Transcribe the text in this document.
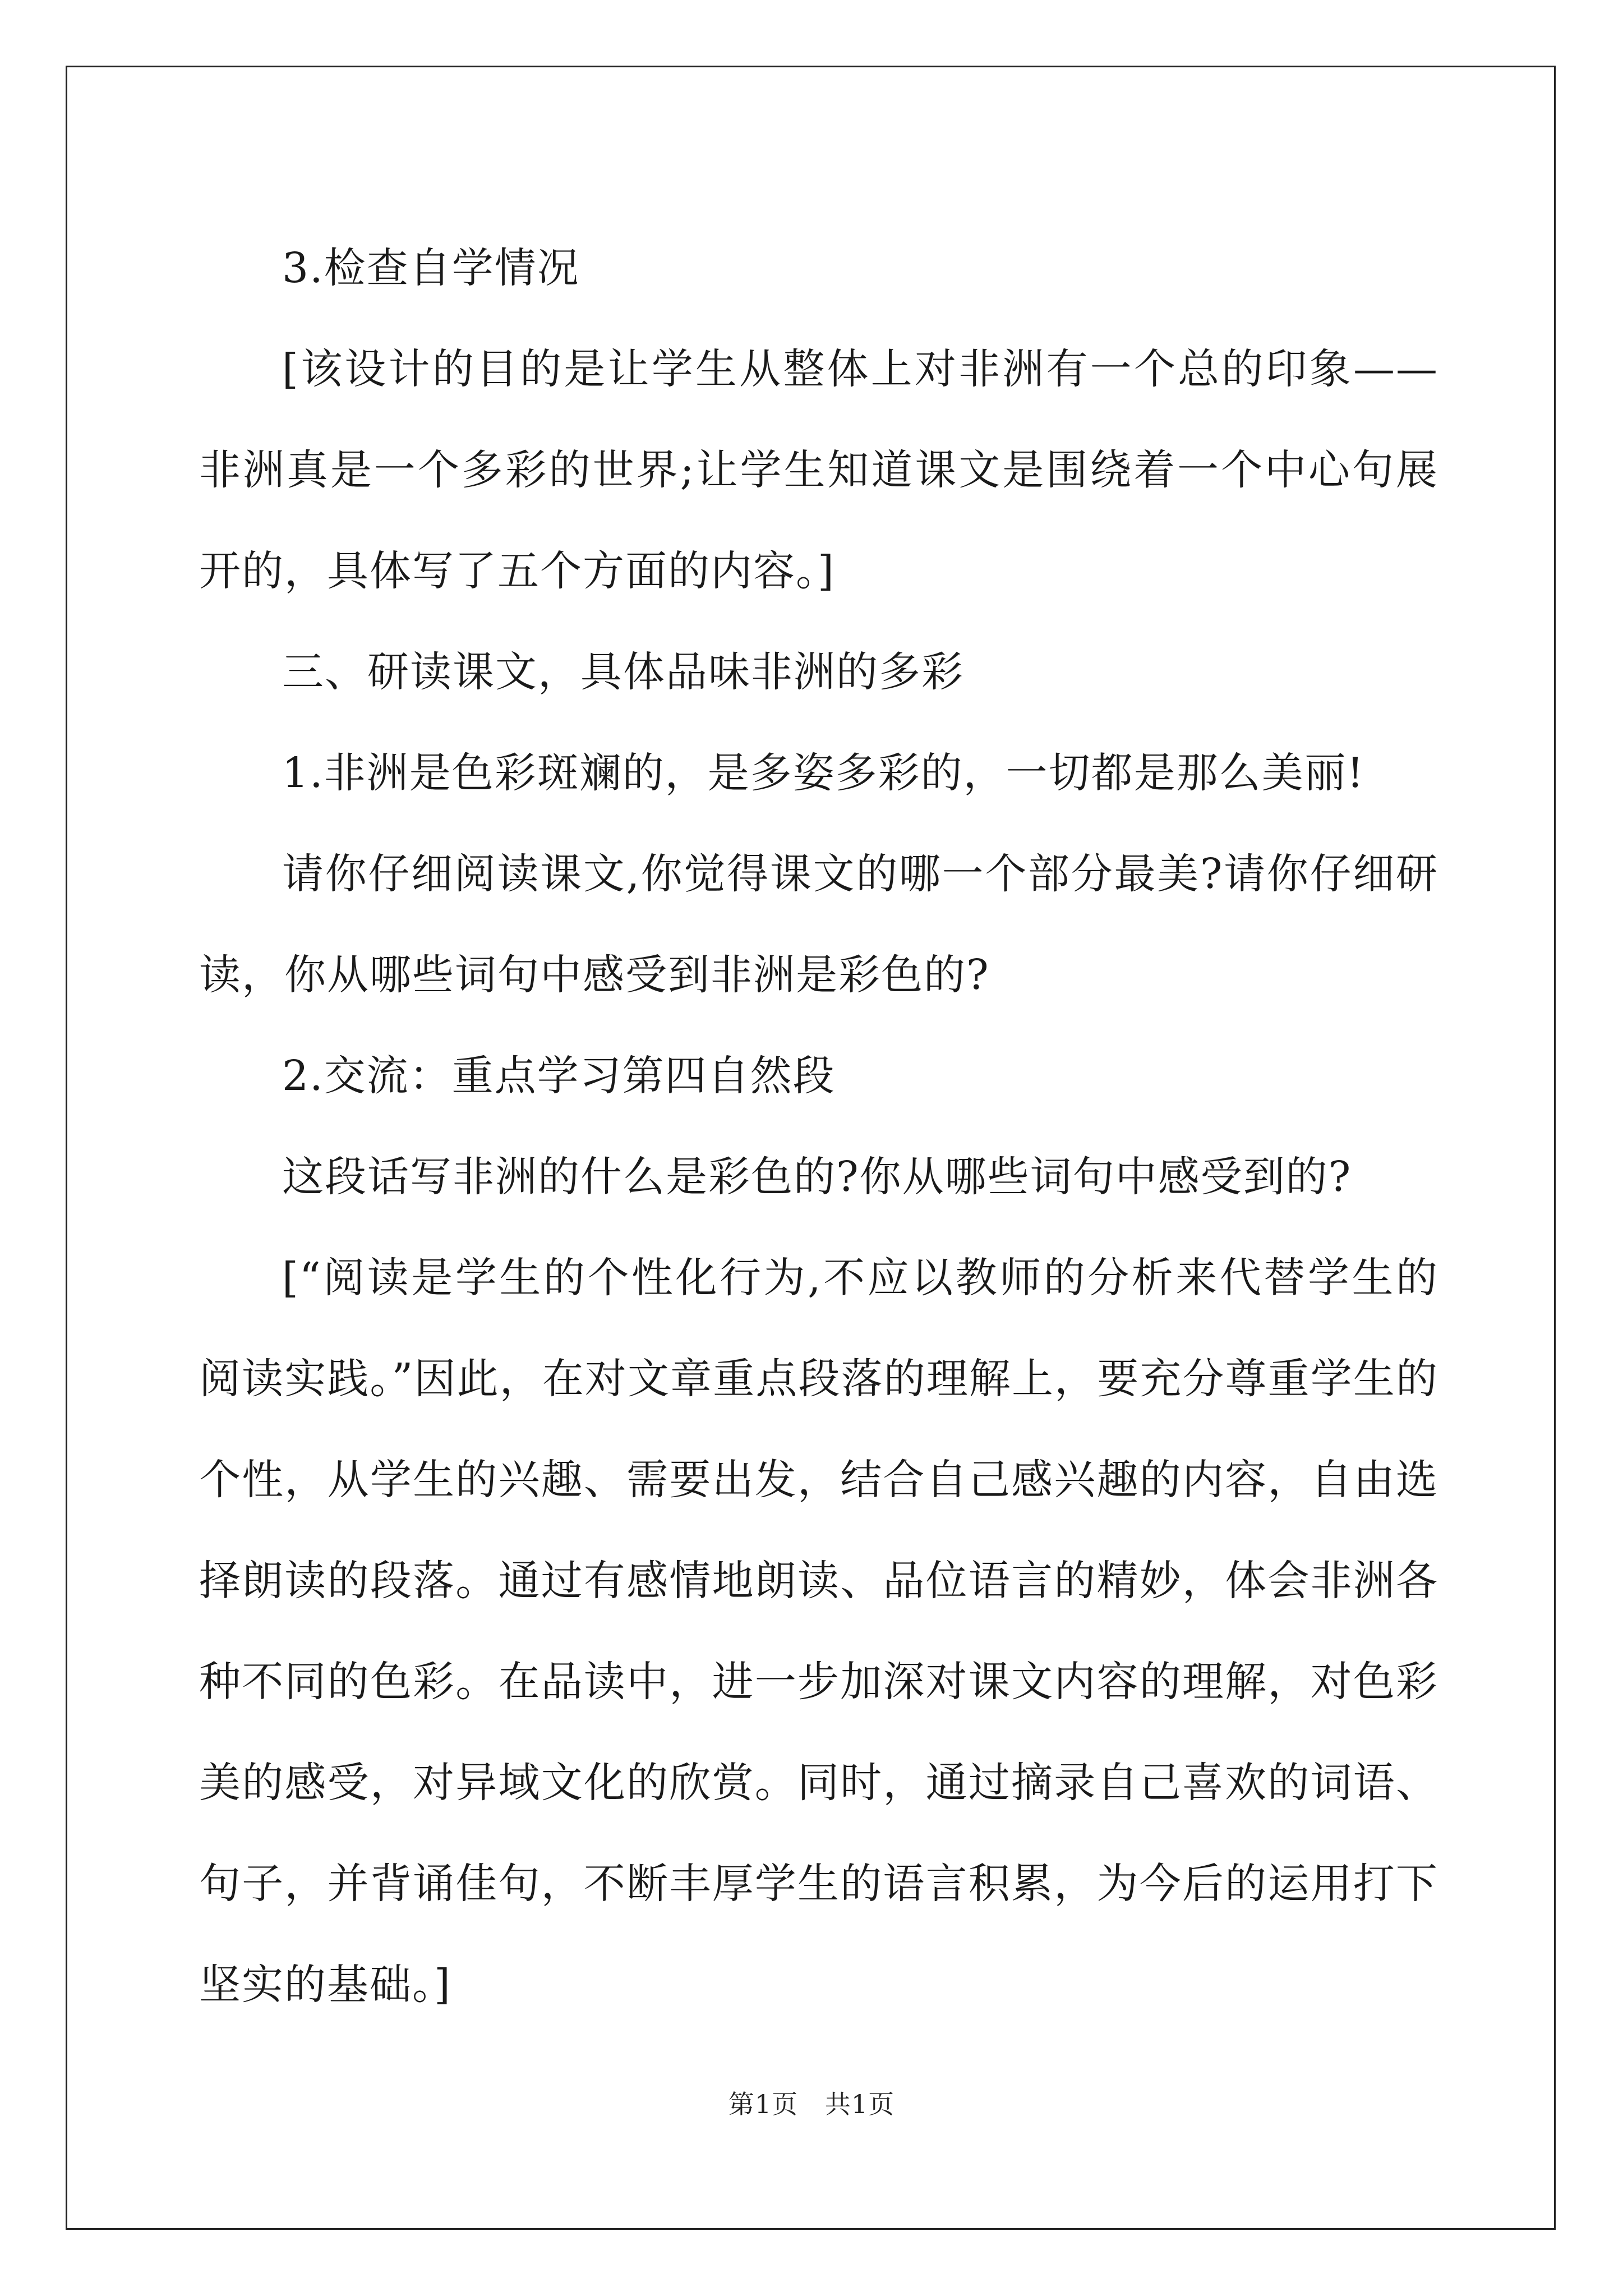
3.检查自学情况

[该设计的目的是让学生从整体上对非洲有一个总的印象——非洲真是一个多彩的世界;让学生知道课文是围绕着一个中心句展开的，具体写了五个方面的内容。]

三、研读课文，具体品味非洲的多彩

1.非洲是色彩斑斓的，是多姿多彩的，一切都是那么美丽!

请你仔细阅读课文,你觉得课文的哪一个部分最美?请你仔细研读，你从哪些词句中感受到非洲是彩色的?

2.交流：重点学习第四自然段

这段话写非洲的什么是彩色的?你从哪些词句中感受到的?

[“阅读是学生的个性化行为,不应以教师的分析来代替学生的阅读实践。”因此，在对文章重点段落的理解上，要充分尊重学生的个性，从学生的兴趣、需要出发，结合自己感兴趣的内容，自由选择朗读的段落。通过有感情地朗读、品位语言的精妙，体会非洲各种不同的色彩。在品读中，进一步加深对课文内容的理解，对色彩美的感受，对异域文化的欣赏。同时，通过摘录自己喜欢的词语、句子，并背诵佳句，不断丰厚学生的语言积累，为今后的运用打下坚实的基础。]

第1页 共1页
